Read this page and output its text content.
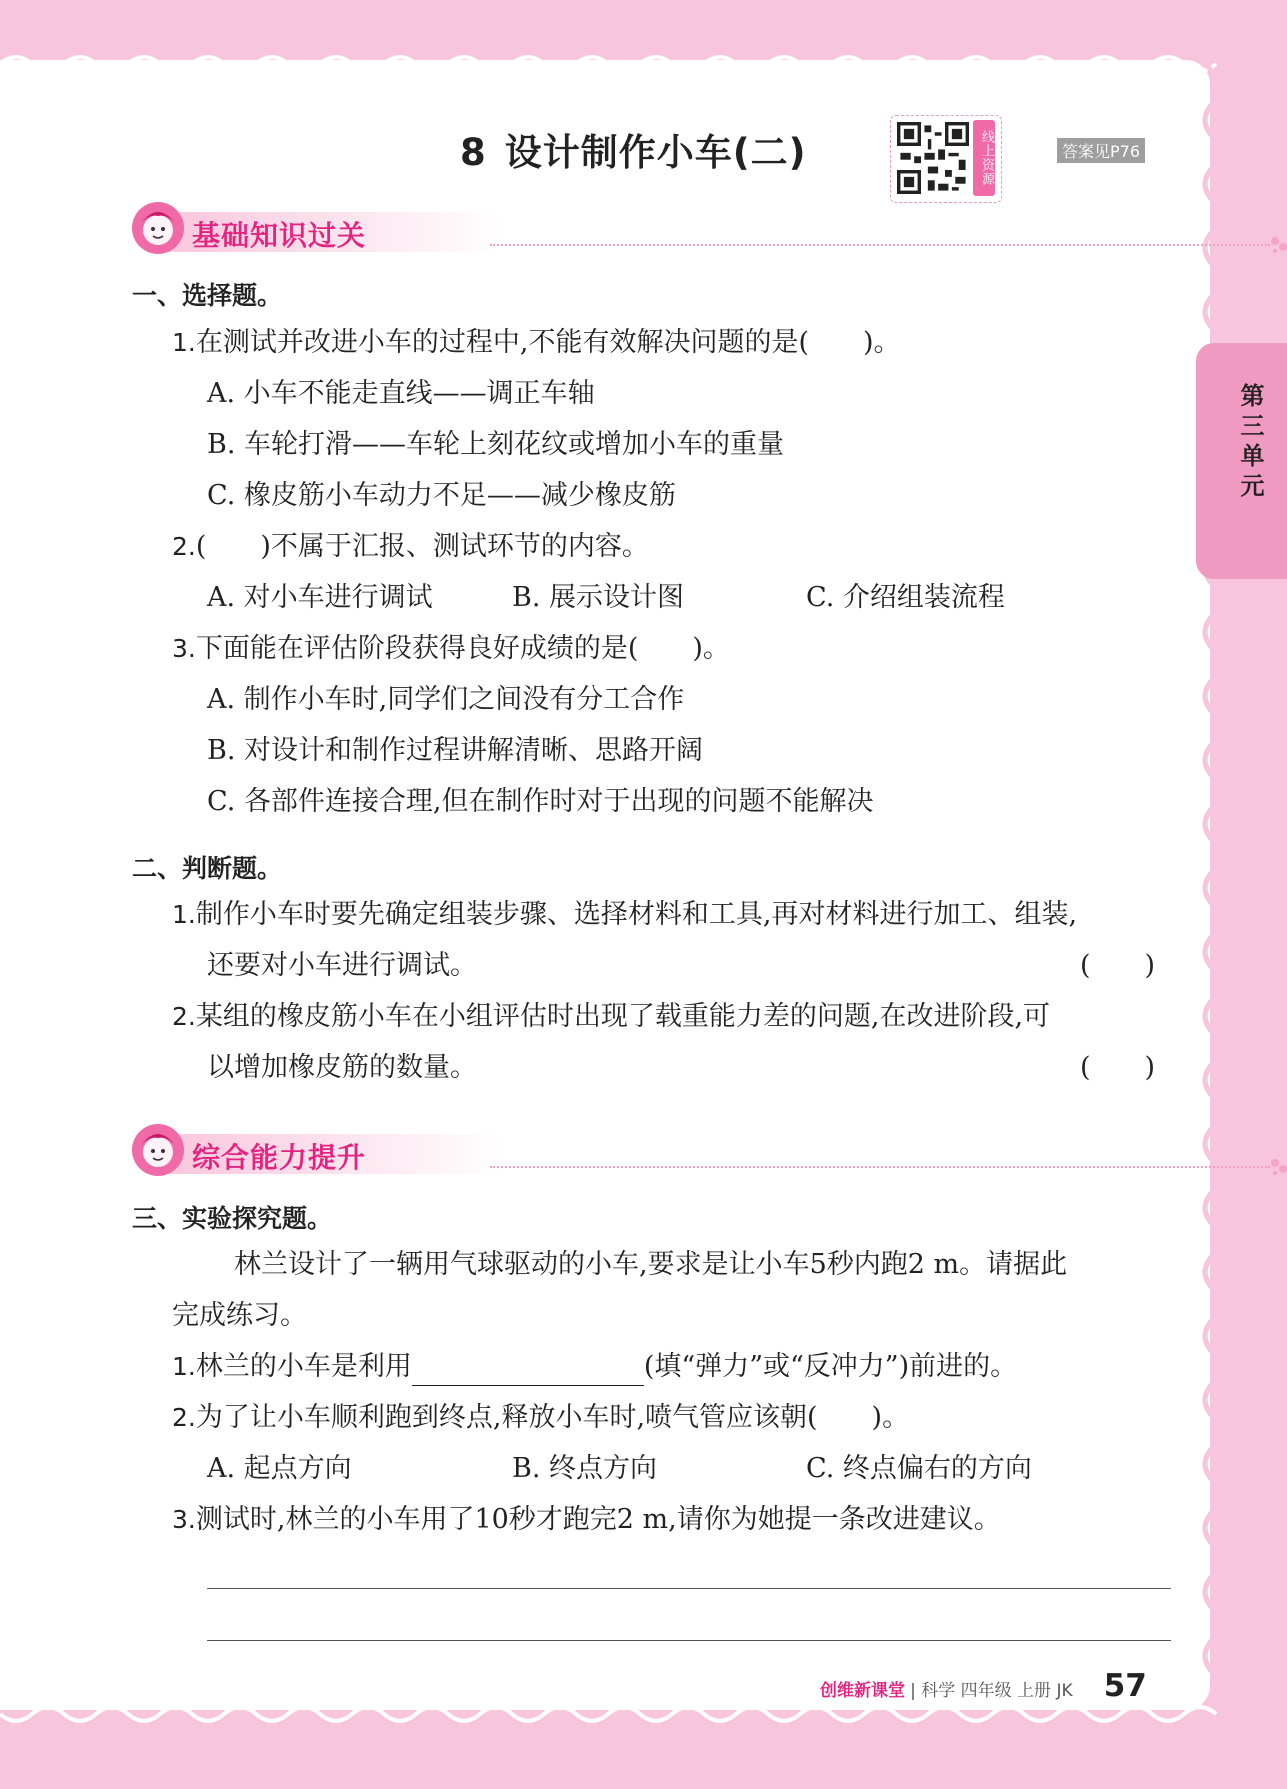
8 设计制作小车(二)	线上资源	答案见P76
第三单元
基础知识过关
一、选择题。
1.在测试并改进小车的过程中,不能有效解决问题的是(　　)。
A. 小车不能走直线——调正车轴
B. 车轮打滑——车轮上刻花纹或增加小车的重量
C. 橡皮筋小车动力不足——减少橡皮筋
2.(　　)不属于汇报、测试环节的内容。
A. 对小车进行调试	B. 展示设计图	C. 介绍组装流程
3.下面能在评估阶段获得良好成绩的是(　　)。
A. 制作小车时,同学们之间没有分工合作
B. 对设计和制作过程讲解清晰、思路开阔
C. 各部件连接合理,但在制作时对于出现的问题不能解决
二、判断题。
1.制作小车时要先确定组装步骤、选择材料和工具,再对材料进行加工、组装,
还要对小车进行调试。	(　　)
2.某组的橡皮筋小车在小组评估时出现了载重能力差的问题,在改进阶段,可
以增加橡皮筋的数量。	(　　)
综合能力提升
三、实验探究题。
林兰设计了一辆用气球驱动的小车,要求是让小车5秒内跑2 m。请据此
完成练习。
1.林兰的小车是利用	(填“弹力”或“反冲力”)前进的。
2.为了让小车顺利跑到终点,释放小车时,喷气管应该朝(　　)。
A. 起点方向	B. 终点方向	C. 终点偏右的方向
3.测试时,林兰的小车用了10秒才跑完2 m,请你为她提一条改进建议。
创维新课堂 | 科学 四年级 上册 JK 57
